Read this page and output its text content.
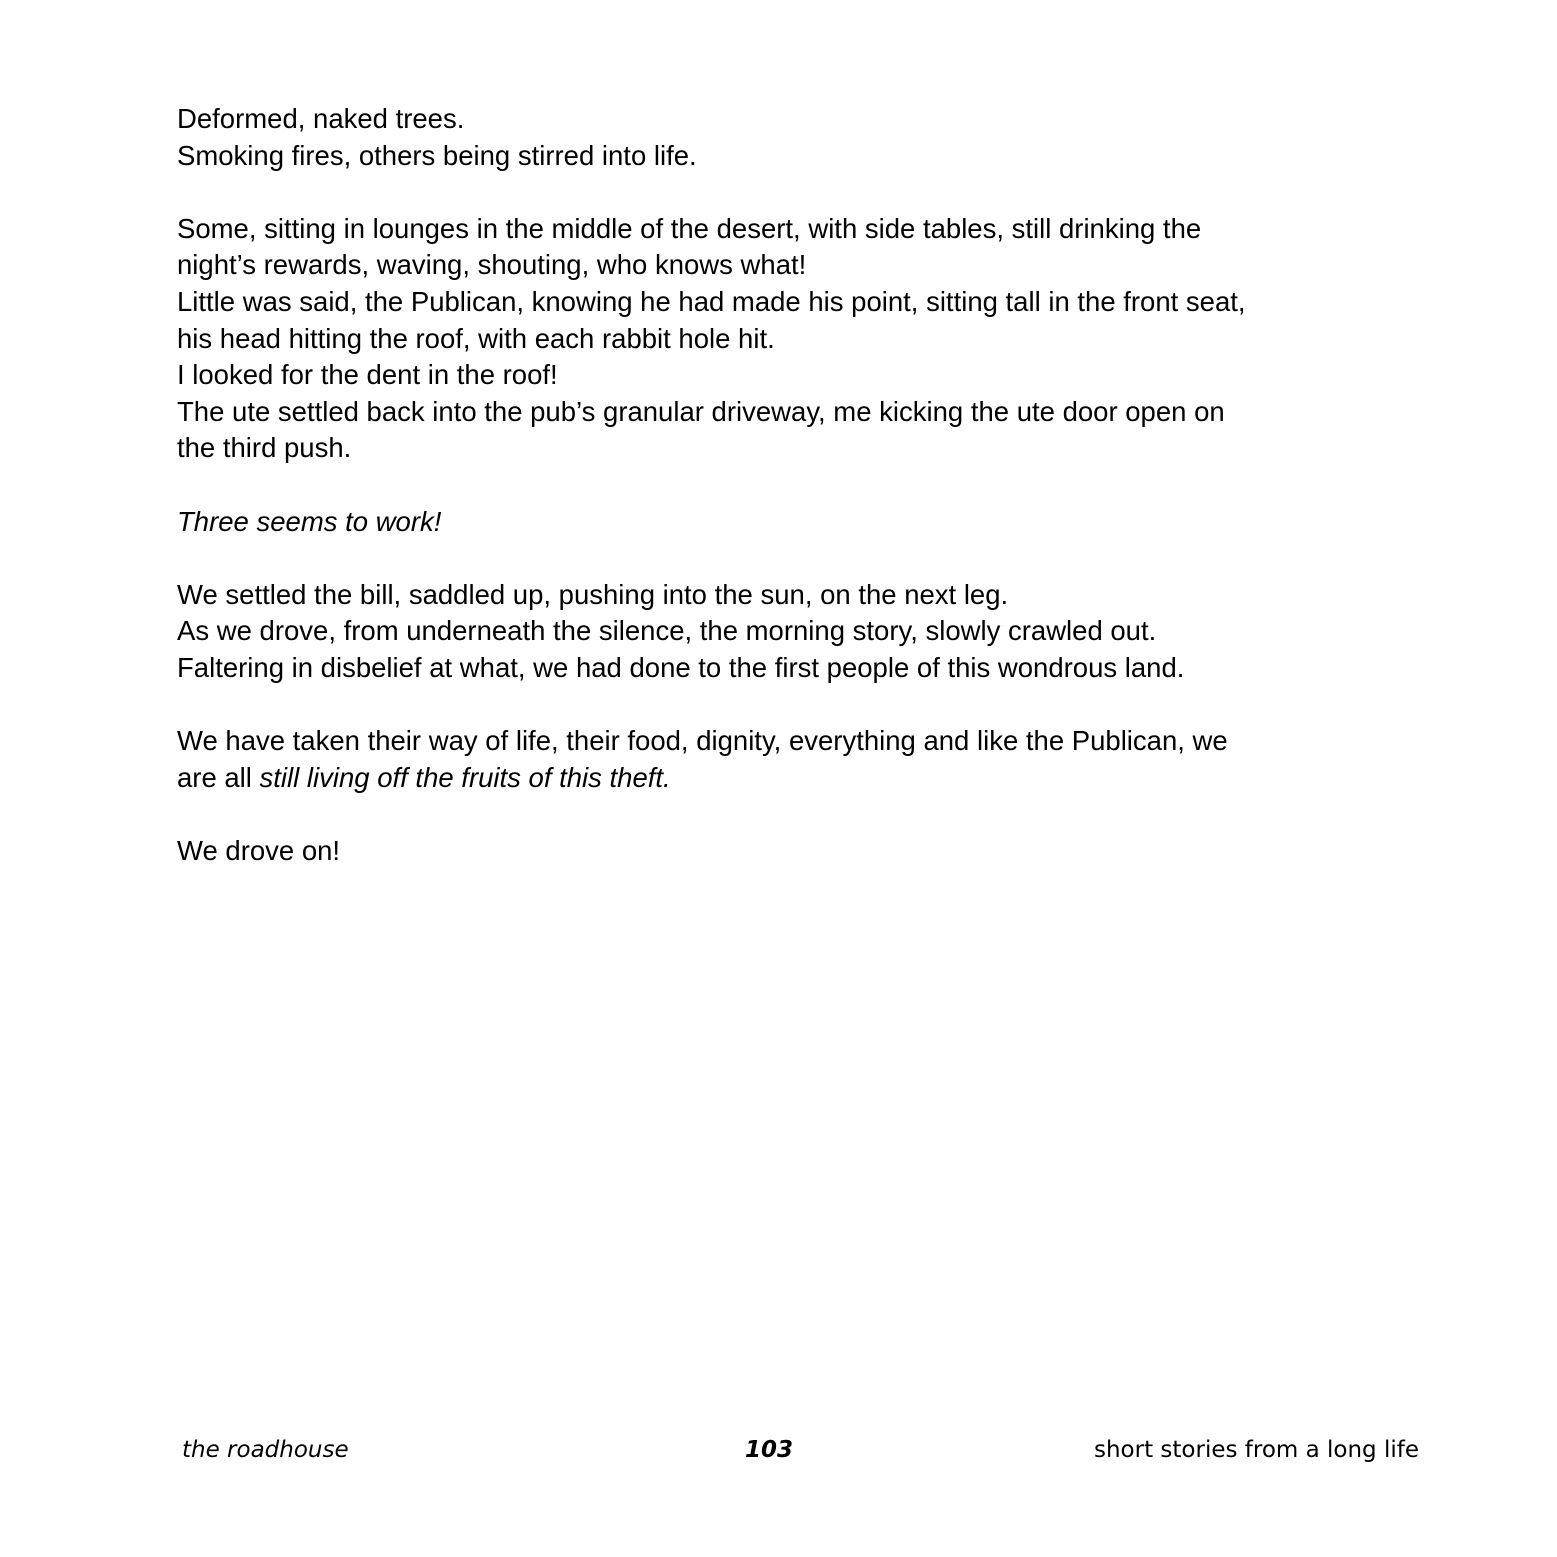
Deformed, naked trees.
Smoking fires, others being stirred into life.

Some, sitting in lounges in the middle of the desert, with side tables, still drinking the
night’s rewards, waving, shouting, who knows what!
Little was said, the Publican, knowing he had made his point, sitting tall in the front seat,
his head hitting the roof, with each rabbit hole hit.
I looked for the dent in the roof!
The ute settled back into the pub’s granular driveway, me kicking the ute door open on
the third push.

Three seems to work!

We settled the bill, saddled up, pushing into the sun, on the next leg.
As we drove, from underneath the silence, the morning story, slowly crawled out.
Faltering in disbelief at what, we had done to the first people of this wondrous land.

We have taken their way of life, their food, dignity, everything and like the Publican, we
are all still living off the fruits of this theft.

We drove on!

the roadhouse	103	short stories from a long life
